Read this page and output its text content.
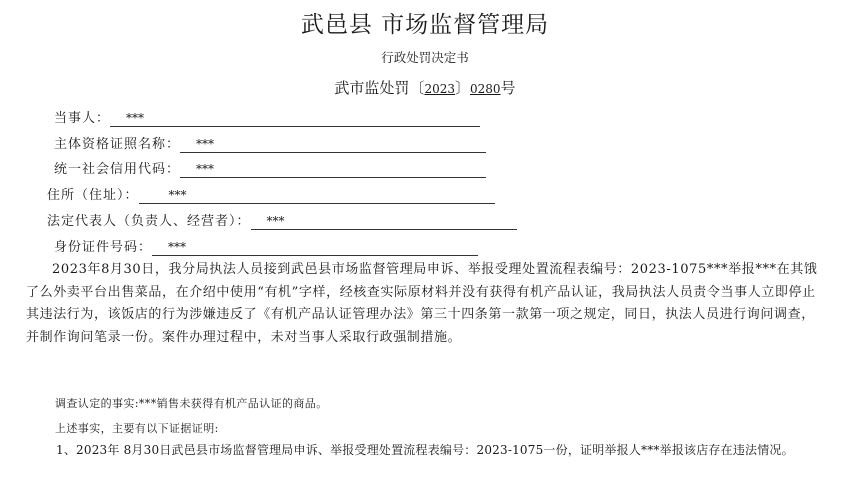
武邑县 市场监督管理局
行政处罚决定书
武市监处罚〔2023〕0280号
当事人： ***
主体资格证照名称： ***
统一社会信用代码： ***
住所（住址）：	***
法定代表人（负责人、经营者）： ***
身份证件号码： ***
2023年8月30日，我分局执法人员接到武邑县市场监督管理局申诉、举报受理处置流程表编号：2023-1075***举报***在其饿了么外卖平台出售菜品，在介绍中使用“有机”字样，经核查实际原材料并没有获得有机产品认证，我局执法人员责令当事人立即停止其违法行为，该饭店的行为涉嫌违反了《有机产品认证管理办法》第三十四条第一款第一项之规定，同日，执法人员进行询问调查，并制作询问笔录一份。案件办理过程中，未对当事人采取行政强制措施。
调查认定的事实:***销售未获得有机产品认证的商品。
上述事实，主要有以下证据证明:
1、2023年 8月30日武邑县市场监督管理局申诉、举报受理处置流程表编号：2023-1075一份，证明举报人***举报该店存在违法情况。
